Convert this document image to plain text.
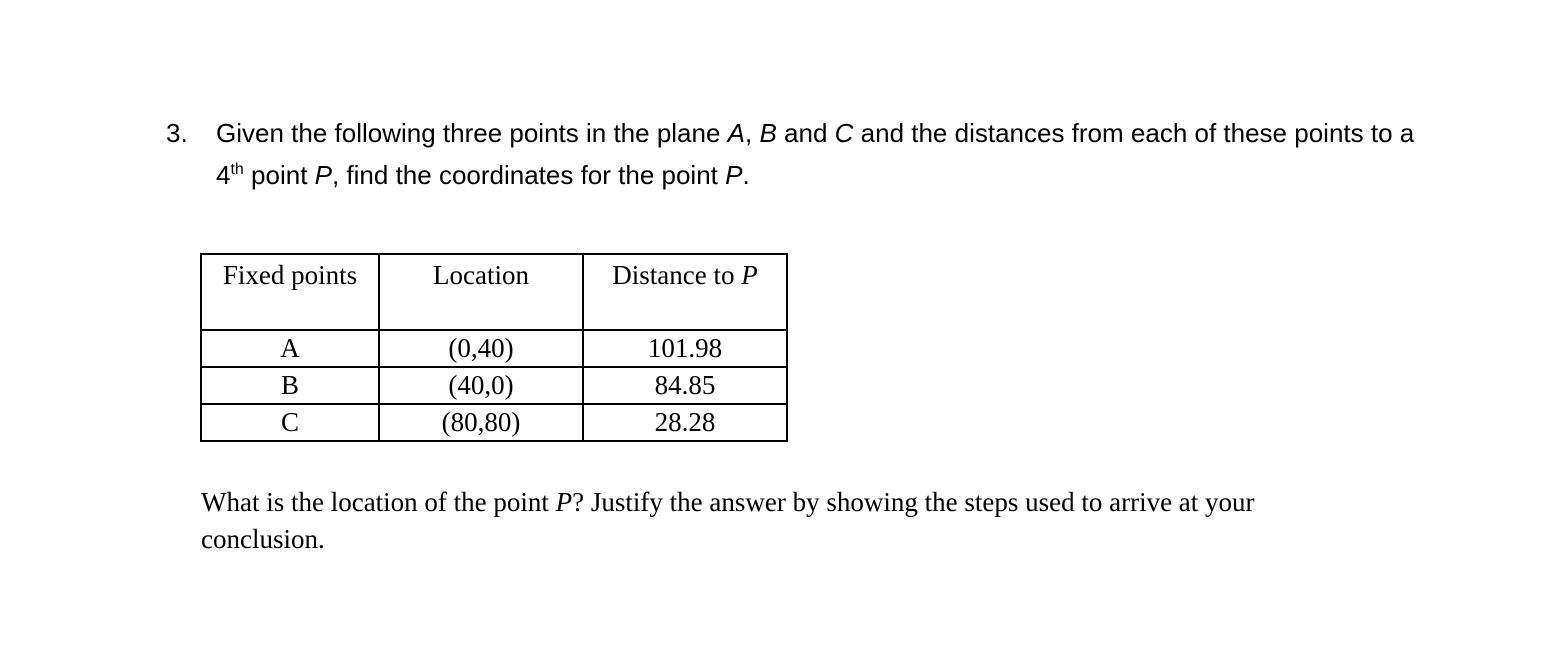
3. Given the following three points in the plane A, B and C and the distances from each of these points to a 4th point P, find the coordinates for the point P.
Fixed points	Location	Distance to P
A	(0,40)	101.98
B	(40,0)	84.85
C	(80,80)	28.28
What is the location of the point P? Justify the answer by showing the steps used to arrive at your conclusion.
